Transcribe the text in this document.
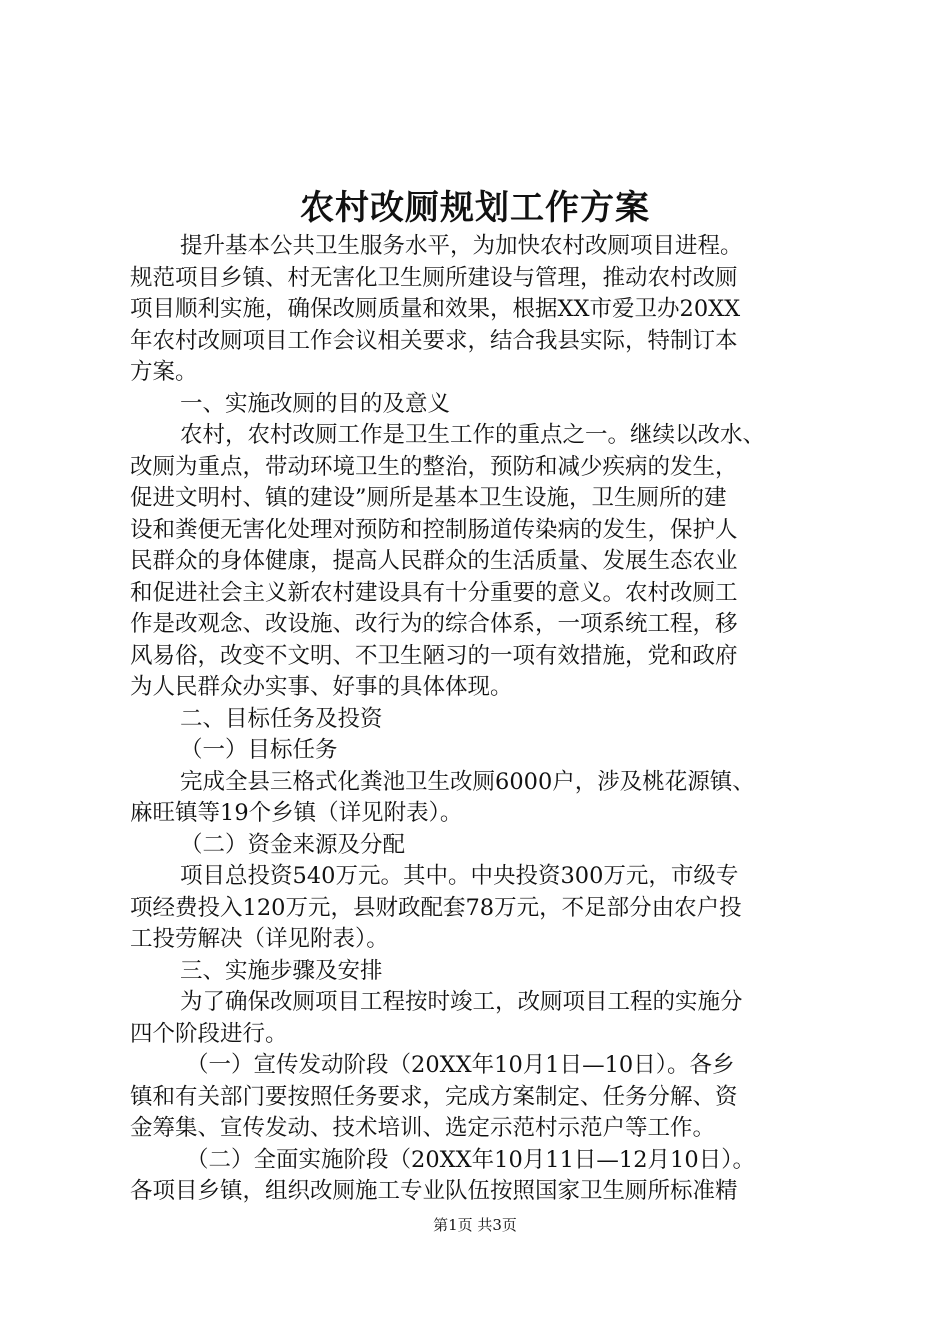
农村改厕规划工作方案

提升基本公共卫生服务水平，为加快农村改厕项目进程。

规范项目乡镇、村无害化卫生厕所建设与管理，推动农村改厕

项目顺利实施，确保改厕质量和效果，根据XX市爱卫办20XX

年农村改厕项目工作会议相关要求，结合我县实际，特制订本

方案。

一、实施改厕的目的及意义

农村，农村改厕工作是卫生工作的重点之一。继续以改水、

改厕为重点，带动环境卫生的整治，预防和减少疾病的发生，

促进文明村、镇的建设”厕所是基本卫生设施，卫生厕所的建

设和粪便无害化处理对预防和控制肠道传染病的发生，保护人

民群众的身体健康，提高人民群众的生活质量、发展生态农业

和促进社会主义新农村建设具有十分重要的意义。农村改厕工

作是改观念、改设施、改行为的综合体系，一项系统工程，移

风易俗，改变不文明、不卫生陋习的一项有效措施，党和政府

为人民群众办实事、好事的具体体现。

二、目标任务及投资

（一）目标任务

完成全县三格式化粪池卫生改厕6000户，涉及桃花源镇、

麻旺镇等19个乡镇（详见附表）。

（二）资金来源及分配

项目总投资540万元。其中。中央投资300万元，市级专

项经费投入120万元，县财政配套78万元，不足部分由农户投

工投劳解决（详见附表）。

三、实施步骤及安排

为了确保改厕项目工程按时竣工，改厕项目工程的实施分

四个阶段进行。

（一）宣传发动阶段（20XX年10月1日—10日）。各乡

镇和有关部门要按照任务要求，完成方案制定、任务分解、资

金筹集、宣传发动、技术培训、选定示范村示范户等工作。

（二）全面实施阶段（20XX年10月11日—12月10日）。

各项目乡镇，组织改厕施工专业队伍按照国家卫生厕所标准精

第1页 共3页
